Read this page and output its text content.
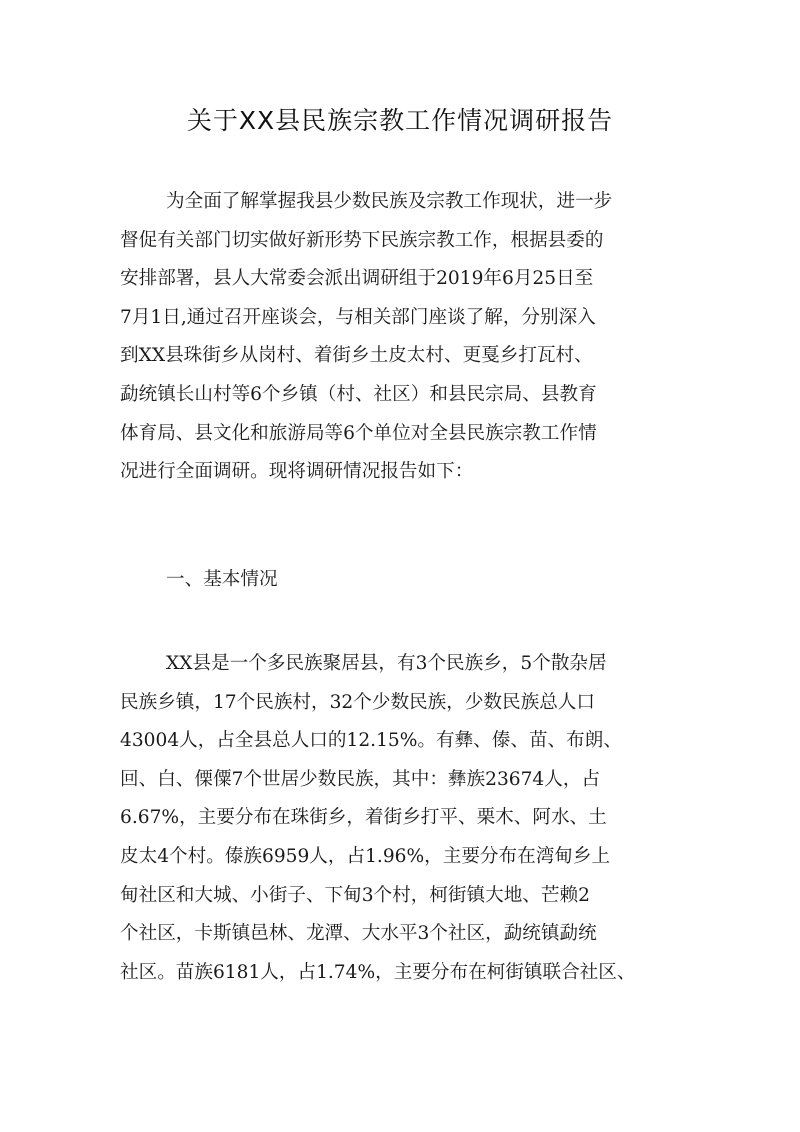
关于XX县民族宗教工作情况调研报告
为全面了解掌握我县少数民族及宗教工作现状，进一步
督促有关部门切实做好新形势下民族宗教工作，根据县委的
安排部署，县人大常委会派出调研组于2019年6月25日至
7月1日,通过召开座谈会，与相关部门座谈了解，分别深入
到XX县珠街乡从岗村、着街乡土皮太村、更戛乡打瓦村、
勐统镇长山村等6个乡镇（村、社区）和县民宗局、县教育
体育局、县文化和旅游局等6个单位对全县民族宗教工作情
况进行全面调研。现将调研情况报告如下：
一、基本情况
XX县是一个多民族聚居县，有3个民族乡，5个散杂居
民族乡镇，17个民族村，32个少数民族，少数民族总人口
43004人，占全县总人口的12.15%。有彝、傣、苗、布朗、
回、白、傈僳7个世居少数民族，其中：彝族23674人，占
6.67%，主要分布在珠街乡，着街乡打平、栗木、阿水、土
皮太4个村。傣族6959人，占1.96%，主要分布在湾甸乡上
甸社区和大城、小街子、下甸3个村，柯街镇大地、芒赖2
个社区，卡斯镇邑林、龙潭、大水平3个社区，勐统镇勐统
社区。苗族6181人，占1.74%，主要分布在柯街镇联合社区、
